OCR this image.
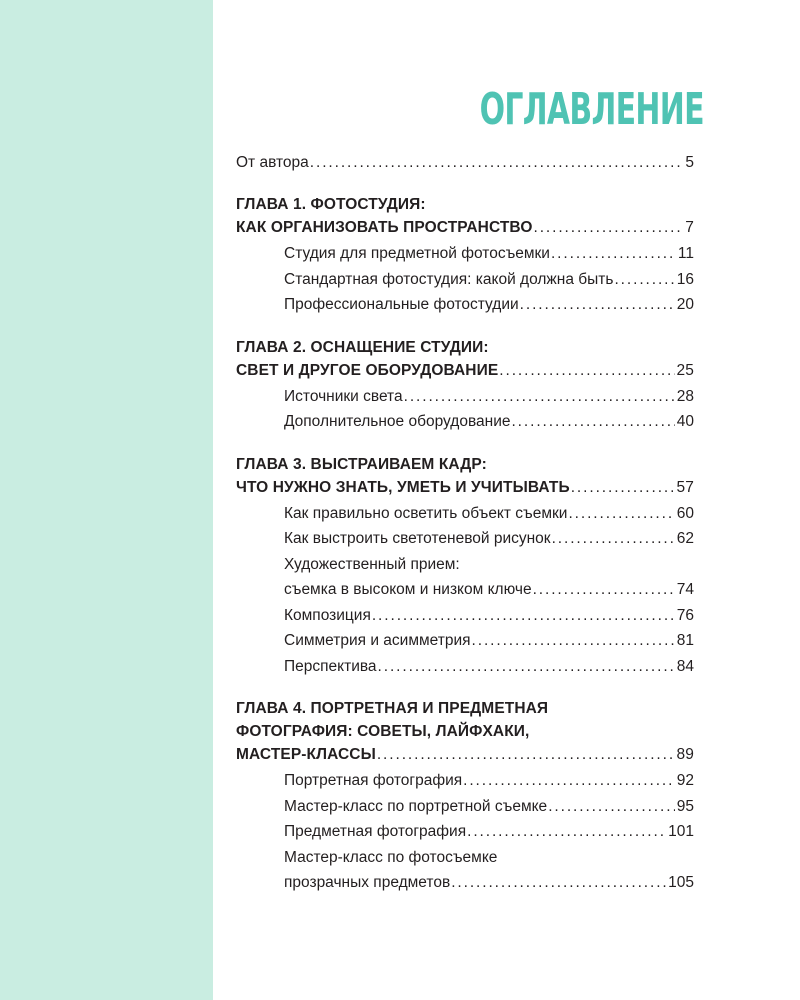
ОГЛАВЛЕНИЕ
От автора . . .	5
ГЛАВА 1. ФОТОСТУДИЯ:
КАК ОРГАНИЗОВАТЬ ПРОСТРАНСТВО . . .	7
Студия для предметной фотосъемки . . .	11
Стандартная фотостудия: какой должна быть . . .	16
Профессиональные фотостудии . . .	20
ГЛАВА 2. ОСНАЩЕНИЕ СТУДИИ:
СВЕТ И ДРУГОЕ ОБОРУДОВАНИЕ . . .	25
Источники света . . .	28
Дополнительное оборудование . . .	40
ГЛАВА 3. ВЫСТРАИВАЕМ КАДР:
ЧТО НУЖНО ЗНАТЬ, УМЕТЬ И УЧИТЫВАТЬ . . .	57
Как правильно осветить объект съемки . . .	60
Как выстроить светотеневой рисунок . . .	62
Художественный прием:
съемка в высоком и низком ключе . . .	74
Композиция . . .	76
Симметрия и асимметрия . . .	81
Перспектива . . .	84
ГЛАВА 4. ПОРТРЕТНАЯ И ПРЕДМЕТНАЯ
ФОТОГРАФИЯ: СОВЕТЫ, ЛАЙФХАКИ,
МАСТЕР-КЛАССЫ . . .	89
Портретная фотография . . .	92
Мастер-класс по портретной съемке . . .	95
Предметная фотография . . .	101
Мастер-класс по фотосъемке
прозрачных предметов . . .	105
